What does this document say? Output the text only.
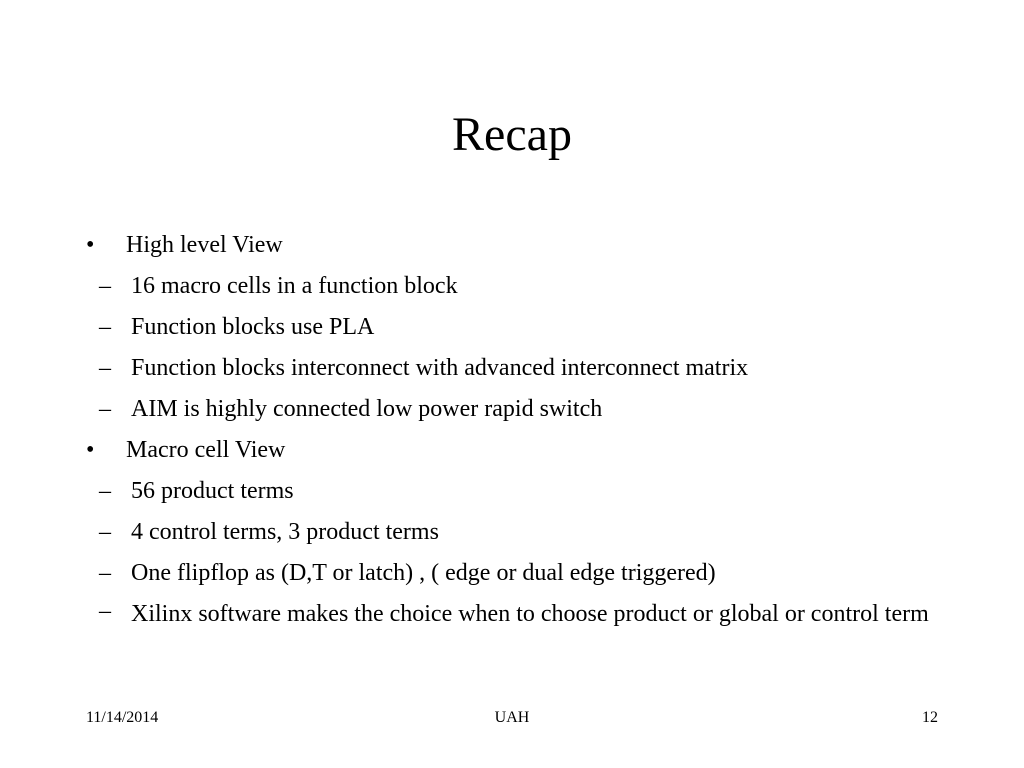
Recap
• High level View
– 16 macro cells in a function block
– Function blocks use PLA
– Function blocks interconnect with advanced interconnect matrix
– AIM is highly connected low power rapid switch
• Macro cell View
– 56 product terms
– 4 control terms, 3 product terms
– One flipflop as (D,T or latch) , ( edge or dual edge triggered)
– Xilinx software makes the choice when to choose product or global or control term
11/14/2014	UAH	12
